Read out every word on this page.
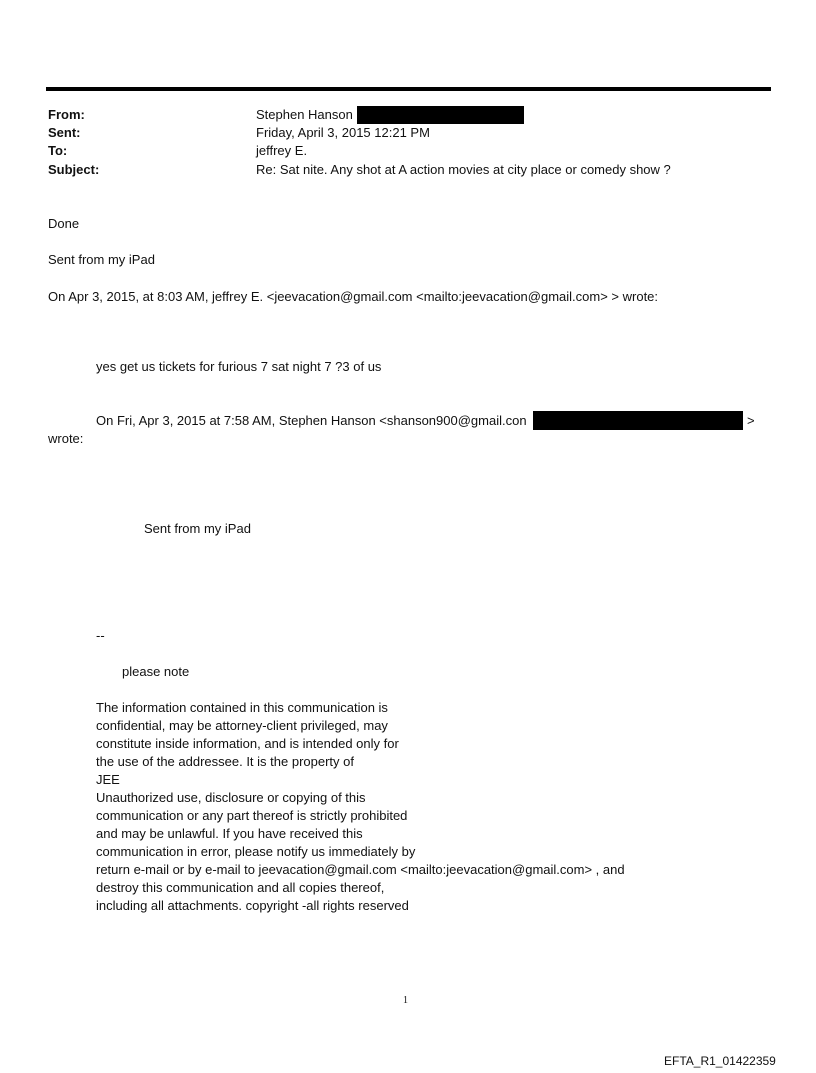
From:	Stephen Hanson
Sent:	Friday, April 3, 2015 12:21 PM
To:	jeffrey E.
Subject:	Re: Sat nite. Any shot at A action movies at city place or comedy show ?
Done
Sent from my iPad
On Apr 3, 2015, at 8:03 AM, jeffrey E. <jeevacation@gmail.com <mailto:jeevacation@gmail.com> > wrote:
yes get us tickets for furious 7 sat night 7 ?3 of us
On Fri, Apr 3, 2015 at 7:58 AM, Stephen Hanson <shanson900@gmail.con	>
wrote:
Sent from my iPad
--
please note
The information contained in this communication is
confidential, may be attorney-client privileged, may
constitute inside information, and is intended only for
the use of the addressee. It is the property of
JEE
Unauthorized use, disclosure or copying of this
communication or any part thereof is strictly prohibited
and may be unlawful. If you have received this
communication in error, please notify us immediately by
return e-mail or by e-mail to jeevacation@gmail.com <mailto:jeevacation@gmail.com> , and
destroy this communication and all copies thereof,
including all attachments. copyright -all rights reserved
1
EFTA_R1_01422359
